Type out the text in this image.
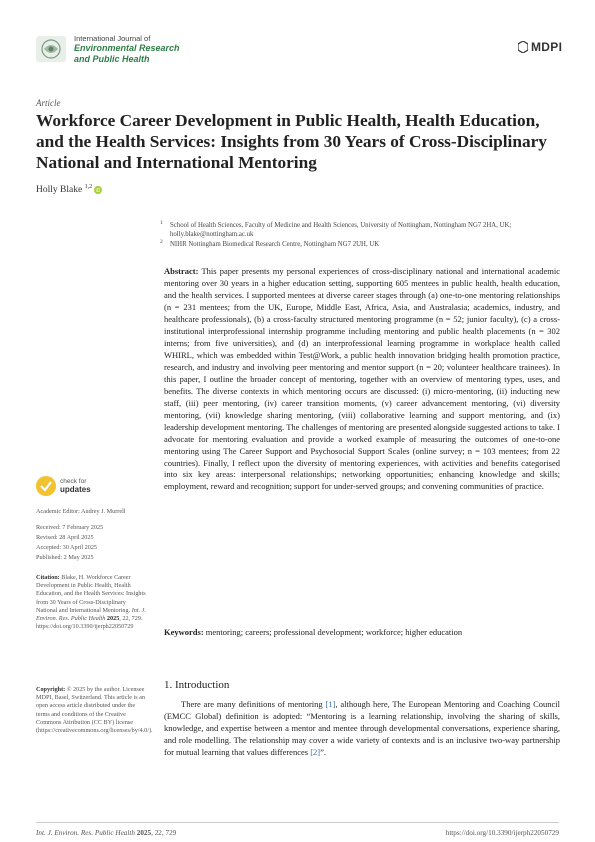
International Journal of
Environmental Research
and Public Health
MDPI
Article
Workforce Career Development in Public Health, Health Education, and the Health Services: Insights from 30 Years of Cross-Disciplinary National and International Mentoring
Holly Blake $^{1,2}$
iD
1 School of Health Sciences, Faculty of Medicine and Health Sciences, University of Nottingham, Nottingham NG7 2HA, UK; holly.blake@nottingham.ac.uk
2 NIHR Nottingham Biomedical Research Centre, Nottingham NG7 2UH, UK
Abstract: This paper presents my personal experiences of cross-disciplinary national and international academic mentoring over 30 years in a higher education setting, supporting 605 mentees in public health, health education, and the health services. I supported mentees at diverse career stages through (a) one-to-one mentoring relationships (n = 231 mentees; from the UK, Europe, Middle East, Africa, Asia, and Australasia; academics, industry, and healthcare professionals), (b) a cross-faculty structured mentoring programme (n = 52; junior faculty), (c) a cross-institutional interprofessional internship programme including mentoring and public health placements (n = 302 interns; from five universities), and (d) an interprofessional learning programme in workplace health called WHIRL, which was embedded within Test@Work, a public health innovation bridging health promotion practice, research, and industry and involving peer mentoring and mentor support (n = 20; volunteer healthcare trainees). In this paper, I outline the broader concept of mentoring, together with an overview of mentoring types, uses, and benefits. The diverse contexts in which mentoring occurs are discussed: (i) micro-mentoring, (ii) inducting new staff, (iii) peer mentoring, (iv) career transition moments, (v) career advancement mentoring, (vi) diversity mentoring, (vii) knowledge sharing mentoring, (viii) collaborative learning and support mentoring, and (ix) leadership development mentoring. The challenges of mentoring are presented alongside suggested actions to take. I advocate for mentoring evaluation and provide a worked example of measuring the outcomes of one-to-one mentoring using The Career Support and Psychosocial Support Scales (online survey; n = 103 mentees; from 22 countries). Finally, I reflect upon the diversity of mentoring experiences, with activities and benefits categorised into six key areas: interpersonal relationships; networking opportunities; enhancing knowledge and skills; employment, reward and recognition; support for under-served groups; and convening communities of practice.
Keywords: mentoring; careers; professional development; workforce; higher education
1. Introduction
There are many definitions of mentoring [1], although here, The European Mentoring and Coaching Council (EMCC Global) definition is adopted: “Mentoring is a learning relationship, involving the sharing of skills, knowledge, and expertise between a mentor and mentee through developmental conversations, experience sharing, and role modelling. The relationship may cover a wide variety of contexts and is an inclusive two-way partnership for mutual learning that values differences [2]”.
check for
updates
Academic Editor: Audrey J. Murrell
Received: 7 February 2025
Revised: 28 April 2025
Accepted: 30 April 2025
Published: 2 May 2025
Citation: Blake, H. Workforce Career Development in Public Health, Health Education, and the Health Services: Insights from 30 Years of Cross-Disciplinary National and International Mentoring. Int. J. Environ. Res. Public Health 2025, 22, 729. https://doi.org/10.3390/ijerph22050729
Copyright: © 2025 by the author. Licensee MDPI, Basel, Switzerland. This article is an open access article distributed under the terms and conditions of the Creative Commons Attribution (CC BY) license (https://creativecommons.org/licenses/by/4.0/).
Int. J. Environ. Res. Public Health 2025, 22, 729	https://doi.org/10.3390/ijerph22050729
